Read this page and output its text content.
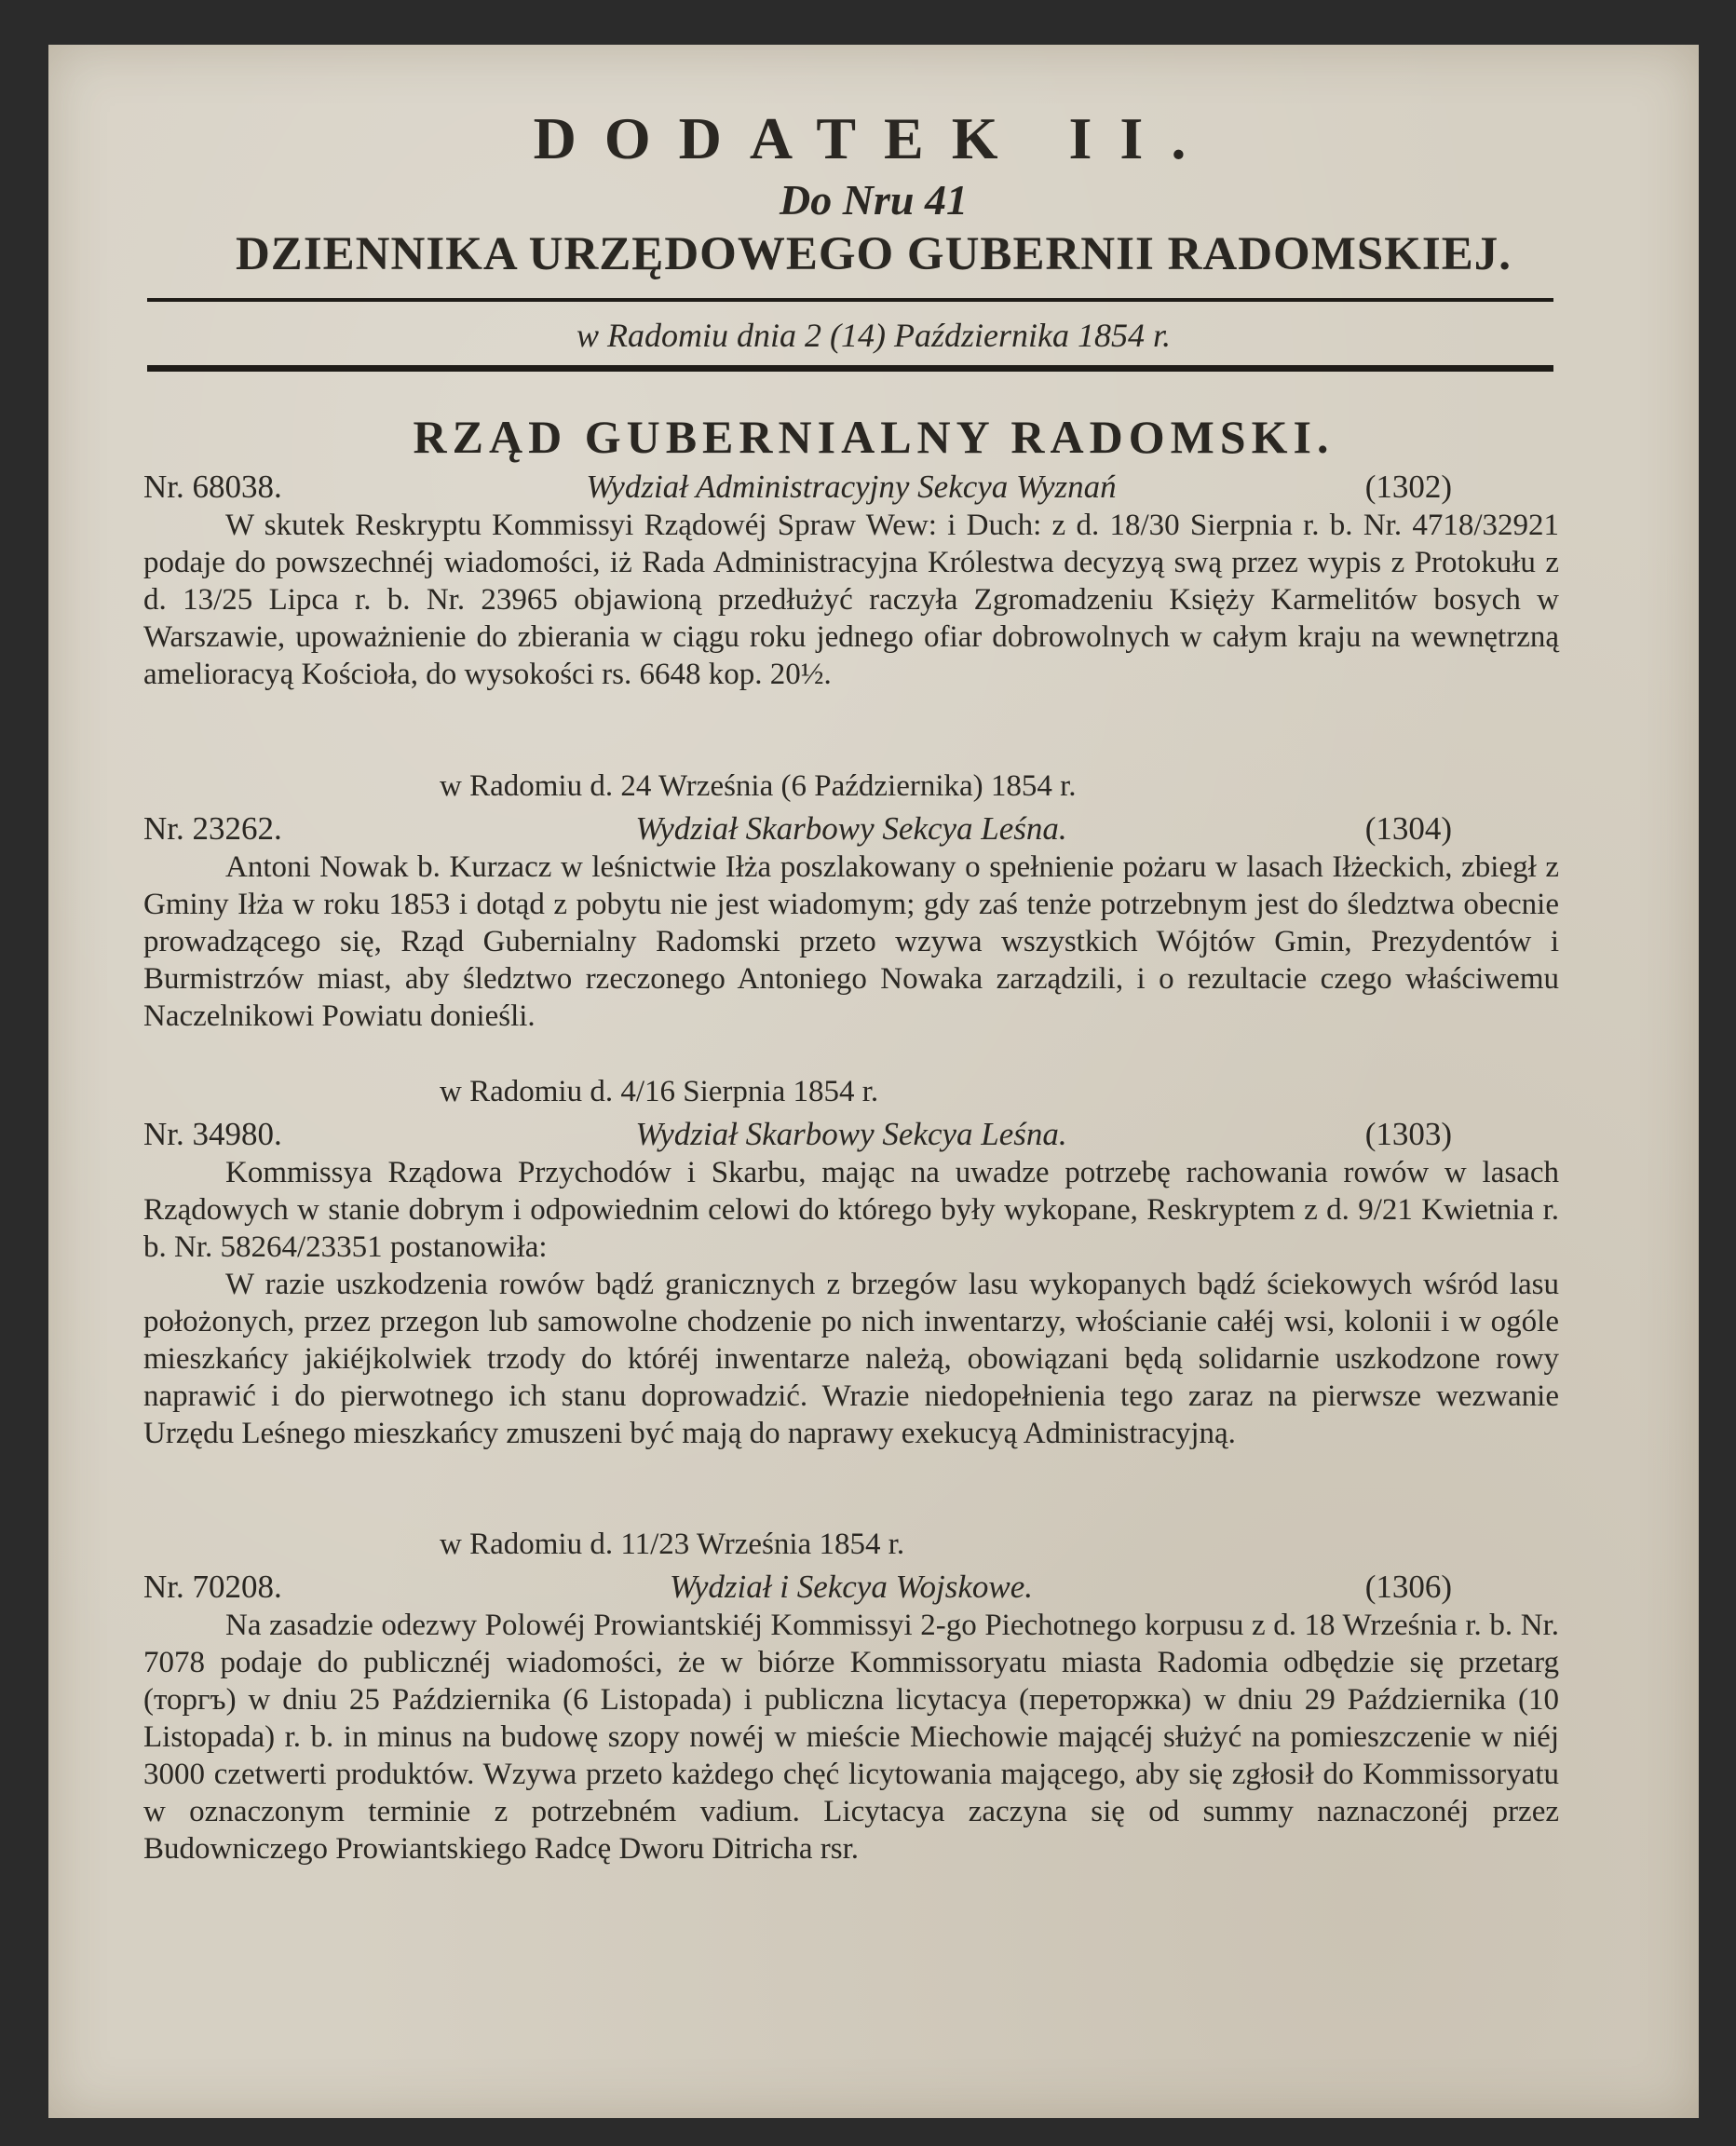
DODATEK II.
Do Nru 41
DZIENNIKA URZĘDOWEGO GUBERNII RADOMSKIEJ.
w Radomiu dnia 2 (14) Października 1854 r.
RZĄD GUBERNIALNY RADOMSKI.
Nr. 68038.	Wydział Administracyjny Sekcya Wyznań	(1302)
W skutek Reskryptu Kommissyi Rządowéj Spraw Wew: i Duch: z d. 18/30 Sierpnia r. b. Nr. 4718/32921 podaje do powszechnéj wiadomości, iż Rada Administracyjna Królestwa decyzyą swą przez wypis z Protokułu z d. 13/25 Lipca r. b. Nr. 23965 objawioną przedłużyć raczyła Zgromadzeniu Księży Karmelitów bosych w Warszawie, upoważnienie do zbierania w ciągu roku jednego ofiar dobrowolnych w całym kraju na wewnętrzną amelioracyą Kościoła, do wysokości rs. 6648 kop. 20½.
w Radomiu d. 24 Września (6 Października) 1854 r.
Nr. 23262.	Wydział Skarbowy Sekcya Leśna.	(1304)
Antoni Nowak b. Kurzacz w leśnictwie Iłża poszlakowany o spełnienie pożaru w lasach Iłżeckich, zbiegł z Gminy Iłża w roku 1853 i dotąd z pobytu nie jest wiadomym; gdy zaś tenże potrzebnym jest do śledztwa obecnie prowadzącego się, Rząd Gubernialny Radomski przeto wzywa wszystkich Wójtów Gmin, Prezydentów i Burmistrzów miast, aby śledztwo rzeczonego Antoniego Nowaka zarządzili, i o rezultacie czego właściwemu Naczelnikowi Powiatu donieśli.
w Radomiu d. 4/16 Sierpnia 1854 r.
Nr. 34980.	Wydział Skarbowy Sekcya Leśna.	(1303)
Kommissya Rządowa Przychodów i Skarbu, mając na uwadze potrzebę rachowania rowów w lasach Rządowych w stanie dobrym i odpowiednim celowi do którego były wykopane, Reskryptem z d. 9/21 Kwietnia r. b. Nr. 58264/23351 postanowiła:
W razie uszkodzenia rowów bądź granicznych z brzegów lasu wykopanych bądź ściekowych wśród lasu położonych, przez przegon lub samowolne chodzenie po nich inwentarzy, włościanie całéj wsi, kolonii i w ogóle mieszkańcy jakiéjkolwiek trzody do któréj inwentarze należą, obowiązani będą solidarnie uszkodzone rowy naprawić i do pierwotnego ich stanu doprowadzić. Wrazie niedopełnienia tego zaraz na pierwsze wezwanie Urzędu Leśnego mieszkańcy zmuszeni być mają do naprawy exekucyą Administracyjną.
w Radomiu d. 11/23 Września 1854 r.
Nr. 70208.	Wydział i Sekcya Wojskowe.	(1306)
Na zasadzie odezwy Polowéj Prowiantskiéj Kommissyi 2-go Piechotnego korpusu z d. 18 Września r. b. Nr. 7078 podaje do publicznéj wiadomości, że w biórze Kommissoryatu miasta Radomia odbędzie się przetarg (торгъ) w dniu 25 Października (6 Listopada) i publiczna licytacya (переторжка) w dniu 29 Października (10 Listopada) r. b. in minus na budowę szopy nowéj w mieście Miechowie mającéj służyć na pomieszczenie w niéj 3000 czetwerti produktów. Wzywa przeto każdego chęć licytowania mającego, aby się zgłosił do Kommissoryatu w oznaczonym terminie z potrzebném vadium. Licytacya zaczyna się od summy naznaczonéj przez Budowniczego Prowiantskiego Radcę Dworu Ditricha rsr.
